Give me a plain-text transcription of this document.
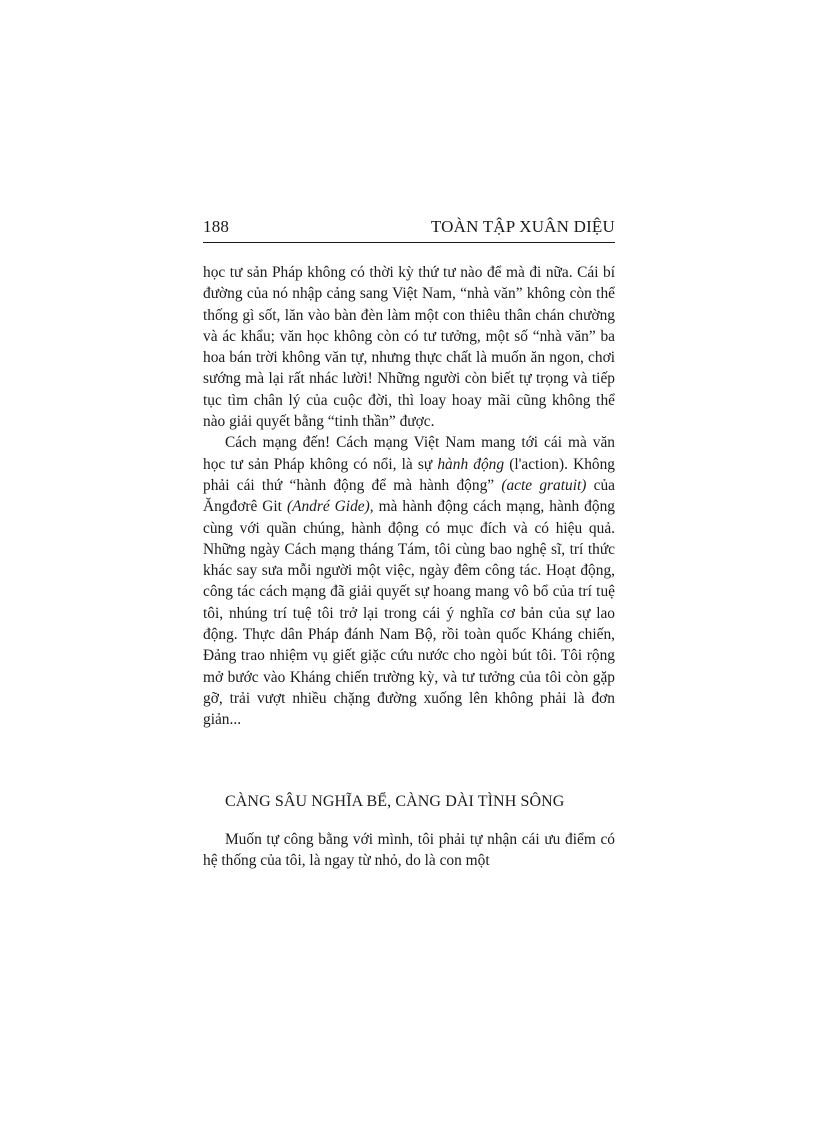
188	TOÀN TẬP XUÂN DIỆU

học tư sản Pháp không có thời kỳ thứ tư nào để mà đi nữa. Cái bí đường của nó nhập cảng sang Việt Nam, “nhà văn” không còn thể thống gì sốt, lăn vào bàn đèn làm một con thiêu thân chán chường và ác khẩu; văn học không còn có tư tưởng, một số “nhà văn” ba hoa bán trời không văn tự, nhưng thực chất là muốn ăn ngon, chơi sướng mà lại rất nhác lười! Những người còn biết tự trọng và tiếp tục tìm chân lý của cuộc đời, thì loay hoay mãi cũng không thể nào giải quyết bằng “tinh thần” được.

Cách mạng đến! Cách mạng Việt Nam mang tới cái mà văn học tư sản Pháp không có nổi, là sự hành động (l'action). Không phải cái thứ “hành động để mà hành động” (acte gratuit) của Ăngđơrê Git (André Gide), mà hành động cách mạng, hành động cùng với quần chúng, hành động có mục đích và có hiệu quả. Những ngày Cách mạng tháng Tám, tôi cùng bao nghệ sĩ, trí thức khác say sưa mỗi người một việc, ngày đêm công tác. Hoạt động, công tác cách mạng đã giải quyết sự hoang mang vô bổ của trí tuệ tôi, nhúng trí tuệ tôi trở lại trong cái ý nghĩa cơ bản của sự lao động. Thực dân Pháp đánh Nam Bộ, rồi toàn quốc Kháng chiến, Đảng trao nhiệm vụ giết giặc cứu nước cho ngòi bút tôi. Tôi rộng mở bước vào Kháng chiến trường kỳ, và tư tưởng của tôi còn gặp gỡ, trải vượt nhiều chặng đường xuống lên không phải là đơn giản...

CÀNG SÂU NGHĨA BỂ, CÀNG DÀI TÌNH SÔNG

Muốn tự công bằng với mình, tôi phải tự nhận cái ưu điểm có hệ thống của tôi, là ngay từ nhỏ, do là con một
